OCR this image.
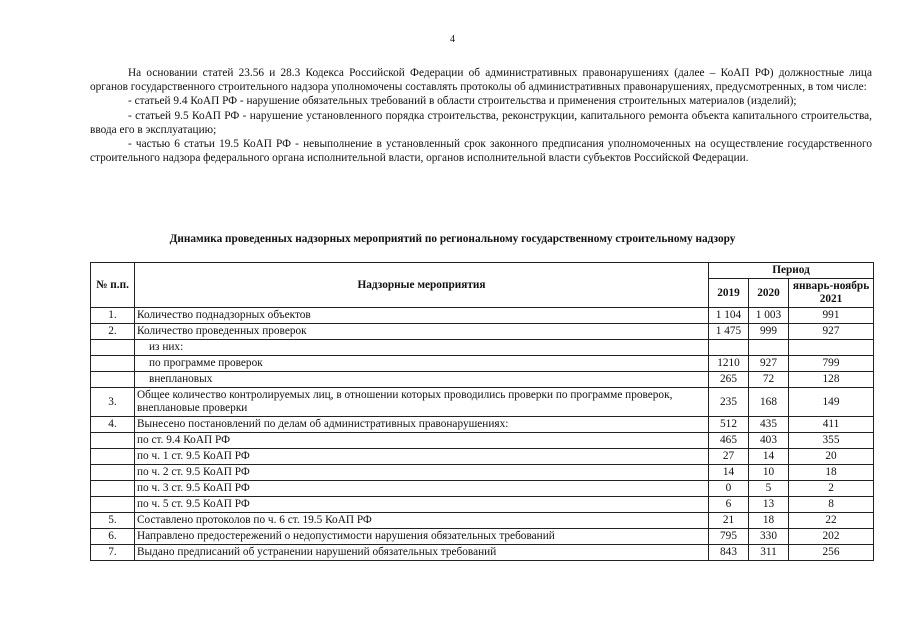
4

На основании статей 23.56 и 28.3 Кодекса Российской Федерации об административных правонарушениях (далее – КоАП РФ) должностные лица органов государственного строительного надзора уполномочены составлять протоколы об административных правонарушениях, предусмотренных, в том числе:

- статьей 9.4 КоАП РФ - нарушение обязательных требований в области строительства и применения строительных материалов (изделий);

- статьей 9.5 КоАП РФ - нарушение установленного порядка строительства, реконструкции, капитального ремонта объекта капитального строительства, ввода его в эксплуатацию;

- частью 6 статьи 19.5 КоАП РФ - невыполнение в установленный срок законного предписания уполномоченных на осуществление государственного строительного надзора федерального органа исполнительной власти, органов исполнительной власти субъектов Российской Федерации.

Динамика проведенных надзорных мероприятий по региональному государственному строительному надзору
№ п.п.	Надзорные мероприятия	Период		
		2019	2020	январь-ноябрь 2021
1.	Количество поднадзорных объектов	1 104	1 003	991
2.	Количество проведенных проверок	1 475	999	927
	из них:			
	по программе проверок	1210	927	799
	внеплановых	265	72	128
3.	Общее количество контролируемых лиц, в отношении которых проводились проверки по программе проверок, внеплановые проверки	235	168	149
4.	Вынесено постановлений по делам об административных правонарушениях:	512	435	411
	по ст. 9.4 КоАП РФ	465	403	355
	по ч. 1 ст. 9.5 КоАП РФ	27	14	20
	по ч. 2 ст. 9.5 КоАП РФ	14	10	18
	по ч. 3 ст. 9.5 КоАП РФ	0	5	2
	по ч. 5 ст. 9.5 КоАП РФ	6	13	8
5.	Составлено протоколов по ч. 6 ст. 19.5 КоАП РФ	21	18	22
6.	Направлено предостережений о недопустимости нарушения обязательных требований	795	330	202
7.	Выдано предписаний об устранении нарушений обязательных требований	843	311	256
